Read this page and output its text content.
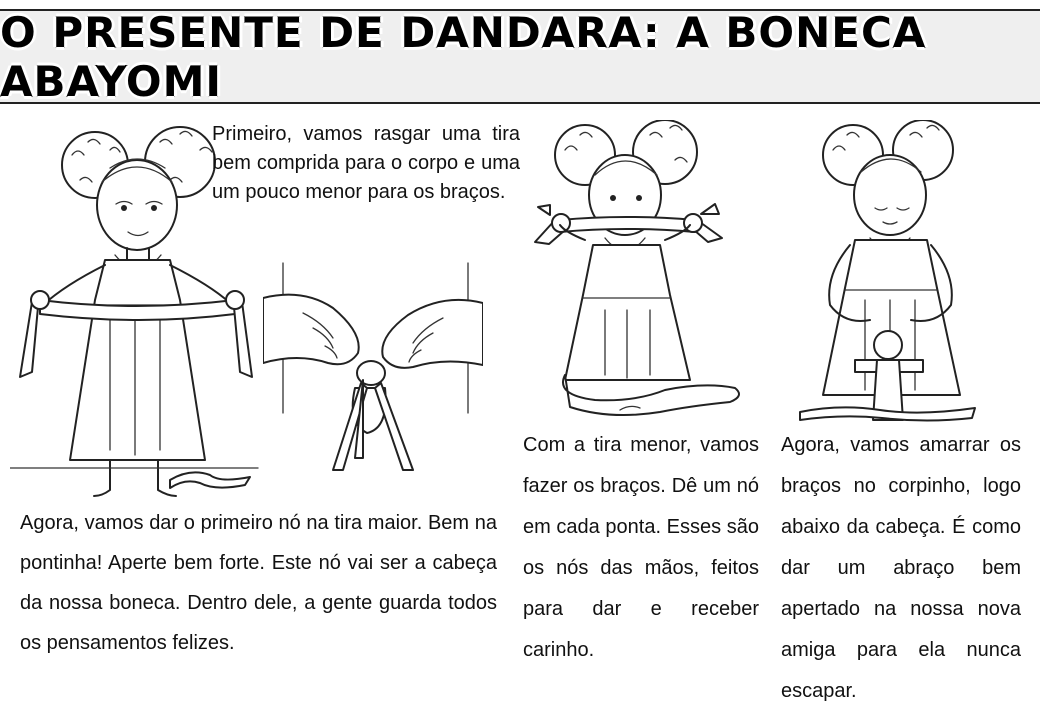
O PRESENTE DE DANDARA: A BONECA ABAYOMI
Primeiro, vamos rasgar uma tira bem comprida para o corpo e uma um pouco menor para os braços.
Agora, vamos dar o primeiro nó na tira maior. Bem na pontinha! Aperte bem forte. Este nó vai ser a cabeça da nossa boneca. Dentro dele, a gente guarda todos os pensamentos felizes.
Com a tira menor, vamos fazer os braços. Dê um nó em cada ponta. Esses são os nós das mãos, feitos para dar e receber carinho.
Agora, vamos amarrar os braços no corpinho, logo abaixo da cabeça. É como dar um abraço bem apertado na nossa nova amiga para ela nunca escapar.
